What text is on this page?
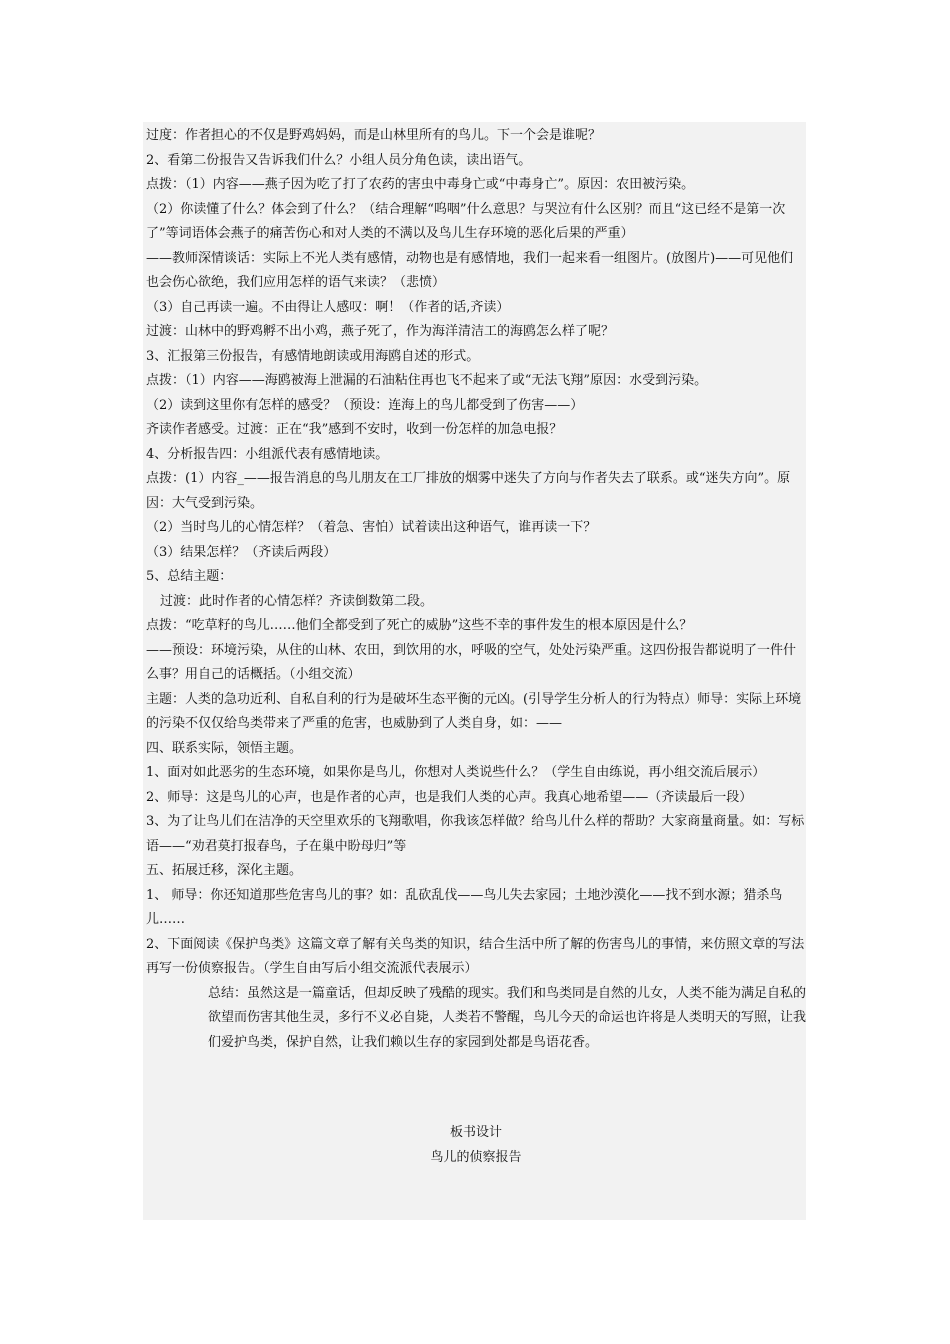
过度：作者担心的不仅是野鸡妈妈，而是山林里所有的鸟儿。下一个会是谁呢？

2、看第二份报告又告诉我们什么？小组人员分角色读，读出语气。

点拨：（1）内容——燕子因为吃了打了农药的害虫中毒身亡或“中毒身亡”。原因：农田被污染。

（2）你读懂了什么？体会到了什么？（结合理解“呜咽”什么意思？与哭泣有什么区别？而且“这已经不是第一次了”等词语体会燕子的痛苦伤心和对人类的不满以及鸟儿生存环境的恶化后果的严重）

——教师深情谈话：实际上不光人类有感情，动物也是有感情地，我们一起来看一组图片。(放图片)——可见他们也会伤心欲绝，我们应用怎样的语气来读？（悲愤）

（3）自己再读一遍。不由得让人感叹：啊！（作者的话,齐读）

过渡：山林中的野鸡孵不出小鸡，燕子死了，作为海洋清洁工的海鸥怎么样了呢？

3、汇报第三份报告，有感情地朗读或用海鸥自述的形式。

点拨：（1）内容——海鸥被海上泄漏的石油粘住再也飞不起来了或“无法飞翔”原因：水受到污染。

（2）读到这里你有怎样的感受？（预设：连海上的鸟儿都受到了伤害——）

齐读作者感受。过渡：正在“我”感到不安时，收到一份怎样的加急电报？

4、分析报告四：小组派代表有感情地读。

点拨：(1）内容_——报告消息的鸟儿朋友在工厂排放的烟雾中迷失了方向与作者失去了联系。或“迷失方向”。原因：大气受到污染。

（2）当时鸟儿的心情怎样？（着急、害怕）试着读出这种语气，谁再读一下？

（3）结果怎样？（齐读后两段）

5、总结主题：

过渡：此时作者的心情怎样？齐读倒数第二段。

点拨：“吃草籽的鸟儿……他们全都受到了死亡的威胁”这些不幸的事件发生的根本原因是什么？

——预设：环境污染，从住的山林、农田，到饮用的水，呼吸的空气，处处污染严重。这四份报告都说明了一件什么事？用自己的话概括。（小组交流）

主题：人类的急功近利、自私自利的行为是破坏生态平衡的元凶。(引导学生分析人的行为特点）师导：实际上环境的污染不仅仅给鸟类带来了严重的危害，也威胁到了人类自身，如：——

四、联系实际，领悟主题。

1、面对如此恶劣的生态环境，如果你是鸟儿，你想对人类说些什么？（学生自由练说，再小组交流后展示）

2、师导：这是鸟儿的心声，也是作者的心声，也是我们人类的心声。我真心地希望——（齐读最后一段）

3、为了让鸟儿们在洁净的天空里欢乐的飞翔歌唱，你我该怎样做？给鸟儿什么样的帮助？大家商量商量。如：写标语——“劝君莫打报春鸟，子在巢中盼母归”等

五、拓展迁移，深化主题。

1、 师导：你还知道那些危害鸟儿的事？如：乱砍乱伐——鸟儿失去家园；土地沙漠化——找不到水源；猎杀鸟儿……

2、下面阅读《保护鸟类》这篇文章了解有关鸟类的知识，结合生活中所了解的伤害鸟儿的事情，来仿照文章的写法再写一份侦察报告。（学生自由写后小组交流派代表展示）

总结：虽然这是一篇童话，但却反映了残酷的现实。我们和鸟类同是自然的儿女，人类不能为满足自私的欲望而伤害其他生灵，多行不义必自毙，人类若不警醒，鸟儿今天的命运也许将是人类明天的写照，让我们爱护鸟类，保护自然，让我们赖以生存的家园到处都是鸟语花香。

板书设计

鸟儿的侦察报告
